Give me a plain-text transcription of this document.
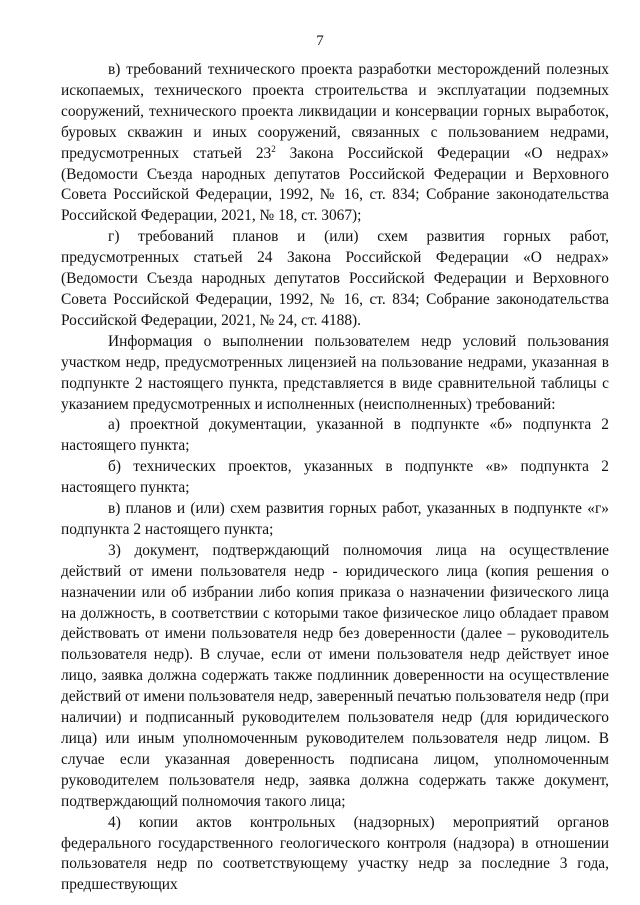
7

в) требований технического проекта разработки месторождений полезных ископаемых, технического проекта строительства и эксплуатации подземных сооружений, технического проекта ликвидации и консервации горных выработок, буровых скважин и иных сооружений, связанных с пользованием недрами, предусмотренных статьей $23^2$ Закона Российской Федерации «О недрах» (Ведомости Съезда народных депутатов Российской Федерации и Верховного Совета Российской Федерации, 1992, № 16, ст. 834; Собрание законодательства Российской Федерации, 2021, № 18, ст. 3067);

г) требований планов и (или) схем развития горных работ, предусмотренных статьей 24 Закона Российской Федерации «О недрах» (Ведомости Съезда народных депутатов Российской Федерации и Верховного Совета Российской Федерации, 1992, № 16, ст. 834; Собрание законодательства Российской Федерации, 2021, № 24, ст. 4188).

Информация о выполнении пользователем недр условий пользования участком недр, предусмотренных лицензией на пользование недрами, указанная в подпункте 2 настоящего пункта, представляется в виде сравнительной таблицы с указанием предусмотренных и исполненных (неисполненных) требований:

а) проектной документации, указанной в подпункте «б» подпункта 2 настоящего пункта;

б) технических проектов, указанных в подпункте «в» подпункта 2 настоящего пункта;

в) планов и (или) схем развития горных работ, указанных в подпункте «г» подпункта 2 настоящего пункта;

3) документ, подтверждающий полномочия лица на осуществление действий от имени пользователя недр - юридического лица (копия решения о назначении или об избрании либо копия приказа о назначении физического лица на должность, в соответствии с которыми такое физическое лицо обладает правом действовать от имени пользователя недр без доверенности (далее – руководитель пользователя недр). В случае, если от имени пользователя недр действует иное лицо, заявка должна содержать также подлинник доверенности на осуществление действий от имени пользователя недр, заверенный печатью пользователя недр (при наличии) и подписанный руководителем пользователя недр (для юридического лица) или иным уполномоченным руководителем пользователя недр лицом. В случае если указанная доверенность подписана лицом, уполномоченным руководителем пользователя недр, заявка должна содержать также документ, подтверждающий полномочия такого лица;

4) копии актов контрольных (надзорных) мероприятий органов федерального государственного геологического контроля (надзора) в отношении пользователя недр по соответствующему участку недр за последние 3 года, предшествующих
